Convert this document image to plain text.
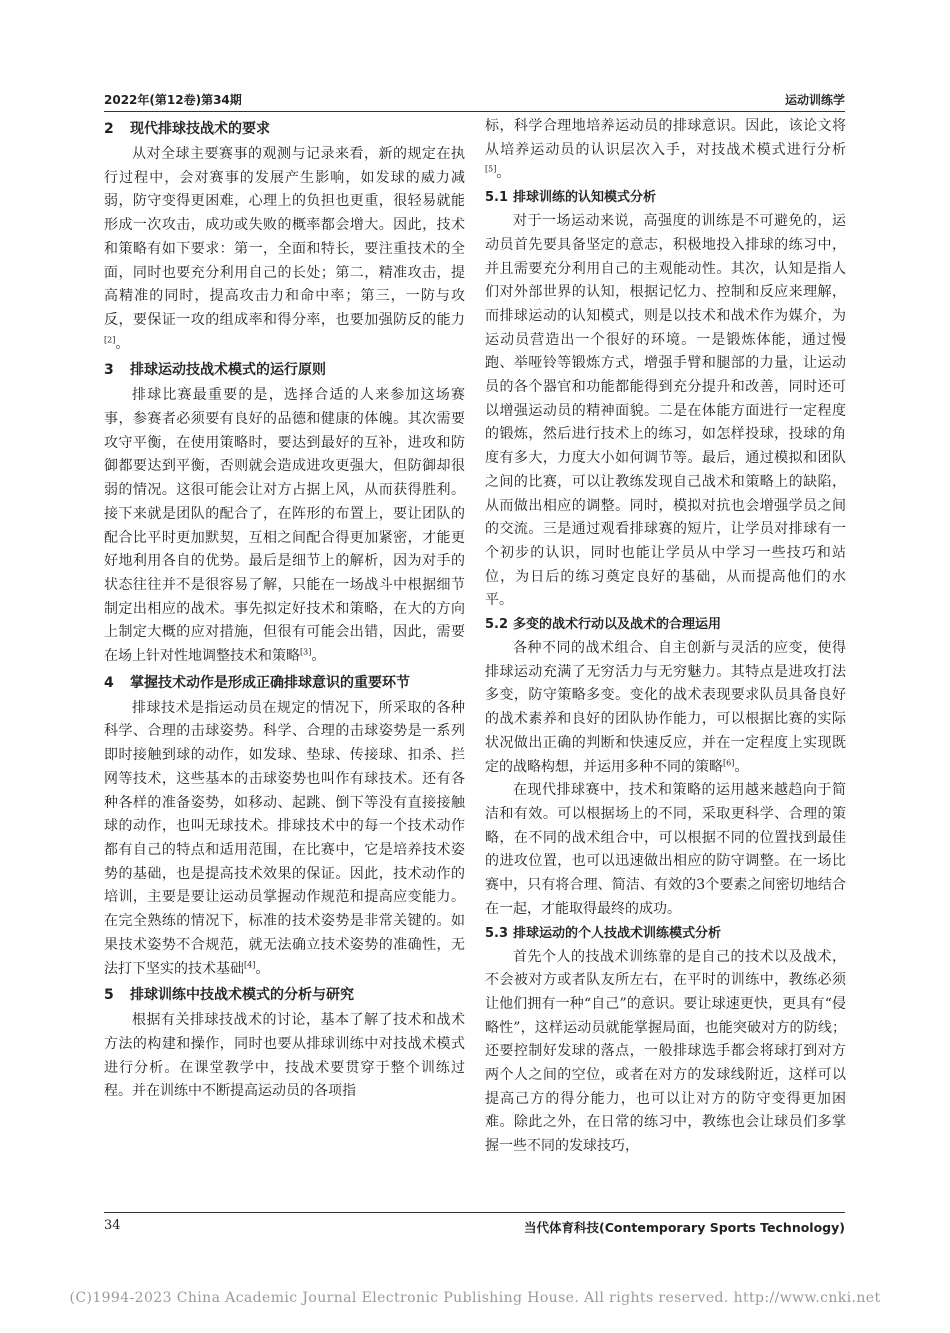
2022年(第12卷)第34期	运动训练学
2 现代排球技战术的要求

从对全球主要赛事的观测与记录来看，新的规定在执行过程中，会对赛事的发展产生影响，如发球的威力减弱，防守变得更困难，心理上的负担也更重，很轻易就能形成一次攻击，成功或失败的概率都会增大。因此，技术和策略有如下要求：第一，全面和特长，要注重技术的全面，同时也要充分利用自己的长处；第二，精准攻击，提高精准的同时，提高攻击力和命中率；第三，一防与攻反，要保证一攻的组成率和得分率，也要加强防反的能力[2]。

3 排球运动技战术模式的运行原则

排球比赛最重要的是，选择合适的人来参加这场赛事，参赛者必须要有良好的品德和健康的体魄。其次需要攻守平衡，在使用策略时，要达到最好的互补，进攻和防御都要达到平衡，否则就会造成进攻更强大，但防御却很弱的情况。这很可能会让对方占据上风，从而获得胜利。接下来就是团队的配合了，在阵形的布置上，要让团队的配合比平时更加默契，互相之间配合得更加紧密，才能更好地利用各自的优势。最后是细节上的解析，因为对手的状态往往并不是很容易了解，只能在一场战斗中根据细节制定出相应的战术。事先拟定好技术和策略，在大的方向上制定大概的应对措施，但很有可能会出错，因此，需要在场上针对性地调整技术和策略[3]。

4 掌握技术动作是形成正确排球意识的重要环节

排球技术是指运动员在规定的情况下，所采取的各种科学、合理的击球姿势。科学、合理的击球姿势是一系列即时接触到球的动作，如发球、垫球、传接球、扣杀、拦网等技术，这些基本的击球姿势也叫作有球技术。还有各种各样的准备姿势，如移动、起跳、倒下等没有直接接触球的动作，也叫无球技术。排球技术中的每一个技术动作都有自己的特点和适用范围，在比赛中，它是培养技术姿势的基础，也是提高技术效果的保证。因此，技术动作的培训，主要是要让运动员掌握动作规范和提高应变能力。在完全熟练的情况下，标准的技术姿势是非常关键的。如果技术姿势不合规范，就无法确立技术姿势的准确性，无法打下坚实的技术基础[4]。

5 排球训练中技战术模式的分析与研究

根据有关排球技战术的讨论，基本了解了技术和战术方法的构建和操作，同时也要从排球训练中对技战术模式进行分析。在课堂教学中，技战术要贯穿于整个训练过程。并在训练中不断提高运动员的各项指

标，科学合理地培养运动员的排球意识。因此，该论文将从培养运动员的认识层次入手，对技战术模式进行分析[5]。

5.1 排球训练的认知模式分析

对于一场运动来说，高强度的训练是不可避免的，运动员首先要具备坚定的意志，积极地投入排球的练习中，并且需要充分利用自己的主观能动性。其次，认知是指人们对外部世界的认知，根据记忆力、控制和反应来理解，而排球运动的认知模式，则是以技术和战术作为媒介，为运动员营造出一个很好的环境。一是锻炼体能，通过慢跑、举哑铃等锻炼方式，增强手臂和腿部的力量，让运动员的各个器官和功能都能得到充分提升和改善，同时还可以增强运动员的精神面貌。二是在体能方面进行一定程度的锻炼，然后进行技术上的练习，如怎样投球，投球的角度有多大，力度大小如何调节等。最后，通过模拟和团队之间的比赛，可以让教练发现自己战术和策略上的缺陷，从而做出相应的调整。同时，模拟对抗也会增强学员之间的交流。三是通过观看排球赛的短片，让学员对排球有一个初步的认识，同时也能让学员从中学习一些技巧和站位，为日后的练习奠定良好的基础，从而提高他们的水平。

5.2 多变的战术行动以及战术的合理运用

各种不同的战术组合、自主创新与灵活的应变，使得排球运动充满了无穷活力与无穷魅力。其特点是进攻打法多变，防守策略多变。变化的战术表现要求队员具备良好的战术素养和良好的团队协作能力，可以根据比赛的实际状况做出正确的判断和快速反应，并在一定程度上实现既定的战略构想，并运用多种不同的策略[6]。

在现代排球赛中，技术和策略的运用越来越趋向于简洁和有效。可以根据场上的不同，采取更科学、合理的策略，在不同的战术组合中，可以根据不同的位置找到最佳的进攻位置，也可以迅速做出相应的防守调整。在一场比赛中，只有将合理、简洁、有效的3个要素之间密切地结合在一起，才能取得最终的成功。

5.3 排球运动的个人技战术训练模式分析

首先个人的技战术训练靠的是自己的技术以及战术，不会被对方或者队友所左右，在平时的训练中，教练必须让他们拥有一种“自己”的意识。要让球速更快，更具有“侵略性”，这样运动员就能掌握局面，也能突破对方的防线；还要控制好发球的落点，一般排球选手都会将球打到对方两个人之间的空位，或者在对方的发球线附近，这样可以提高己方的得分能力，也可以让对方的防守变得更加困难。除此之外，在日常的练习中，教练也会让球员们多掌握一些不同的发球技巧，

34	当代体育科技(Contemporary Sports Technology)
(C)1994-2023 China Academic Journal Electronic Publishing House. All rights reserved. http://www.cnki.net
